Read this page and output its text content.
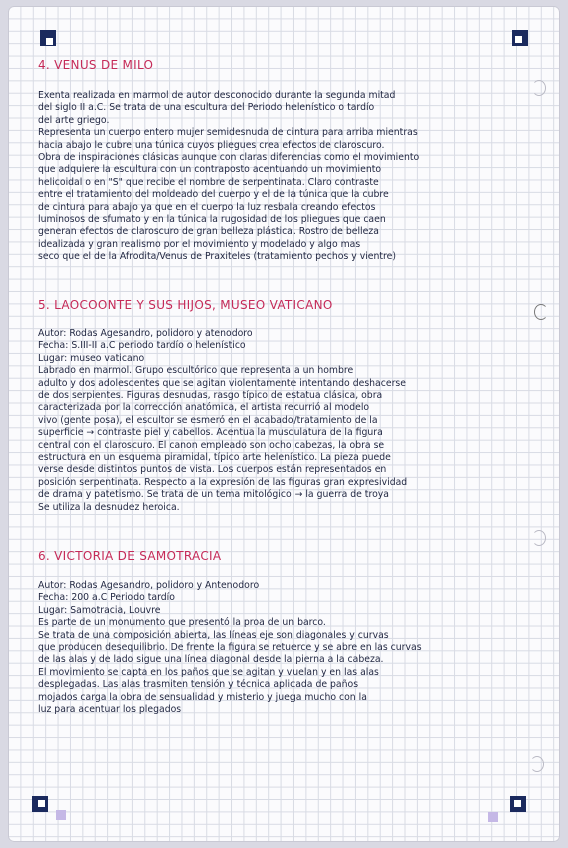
4. VENUS DE MILO
Exenta realizada en marmol de autor desconocido durante la segunda mitad
del siglo II a.C. Se trata de una escultura del Periodo helenístico o tardío
del arte griego.
Representa un cuerpo entero mujer semidesnuda de cintura para arriba mientras
hacia abajo le cubre una túnica cuyos pliegues crea efectos de claroscuro.
Obra de inspiraciones clásicas aunque con claras diferencias como el movimiento
que adquiere la escultura con un contraposto acentuando un movimiento
helicoidal o en "S" que recibe el nombre de serpentinata. Claro contraste
entre el tratamiento del moldeado del cuerpo y el de la túnica que la cubre
de cintura para abajo ya que en el cuerpo la luz resbala creando efectos
luminosos de sfumato y en la túnica la rugosidad de los pliegues que caen
generan efectos de claroscuro de gran belleza plástica. Rostro de belleza
idealizada y gran realismo por el movimiento y modelado y algo mas
seco que el de la Afrodita/Venus de Praxiteles (tratamiento pechos y vientre)
5. LAOCOONTE Y SUS HIJOS, MUSEO VATICANO
Autor: Rodas Agesandro, polidoro y atenodoro
Fecha: S.III-II a.C periodo tardío o helenístico
Lugar: museo vaticano
Labrado en marmol. Grupo escultórico que representa a un hombre
adulto y dos adolescentes que se agitan violentamente intentando deshacerse
de dos serpientes. Figuras desnudas, rasgo típico de estatua clásica, obra
caracterizada por la corrección anatómica, el artista recurrió al modelo
vivo (gente posa), el escultor se esmeró en el acabado/tratamiento de la
superficie → contraste piel y cabellos. Acentua la musculatura de la figura
central con el claroscuro. El canon empleado son ocho cabezas, la obra se
estructura en un esquema piramidal, típico arte helenístico. La pieza puede
verse desde distintos puntos de vista. Los cuerpos están representados en
posición serpentinata. Respecto a la expresión de las figuras gran expresividad
de drama y patetismo. Se trata de un tema mitológico → la guerra de troya
Se utiliza la desnudez heroica.
6. VICTORIA DE SAMOTRACIA
Autor: Rodas Agesandro, polidoro y Antenodoro
Fecha: 200 a.C Periodo tardío
Lugar: Samotracia, Louvre
Es parte de un monumento que presentó la proa de un barco.
Se trata de una composición abierta, las líneas eje son diagonales y curvas
que producen desequilibrio. De frente la figura se retuerce y se abre en las curvas
de las alas y de lado sigue una línea diagonal desde la pierna a la cabeza.
El movimiento se capta en los paños que se agitan y vuelan y en las alas
desplegadas. Las alas trasmiten tensión y técnica aplicada de paños
mojados carga la obra de sensualidad y misterio y juega mucho con la
luz para acentuar los plegados
